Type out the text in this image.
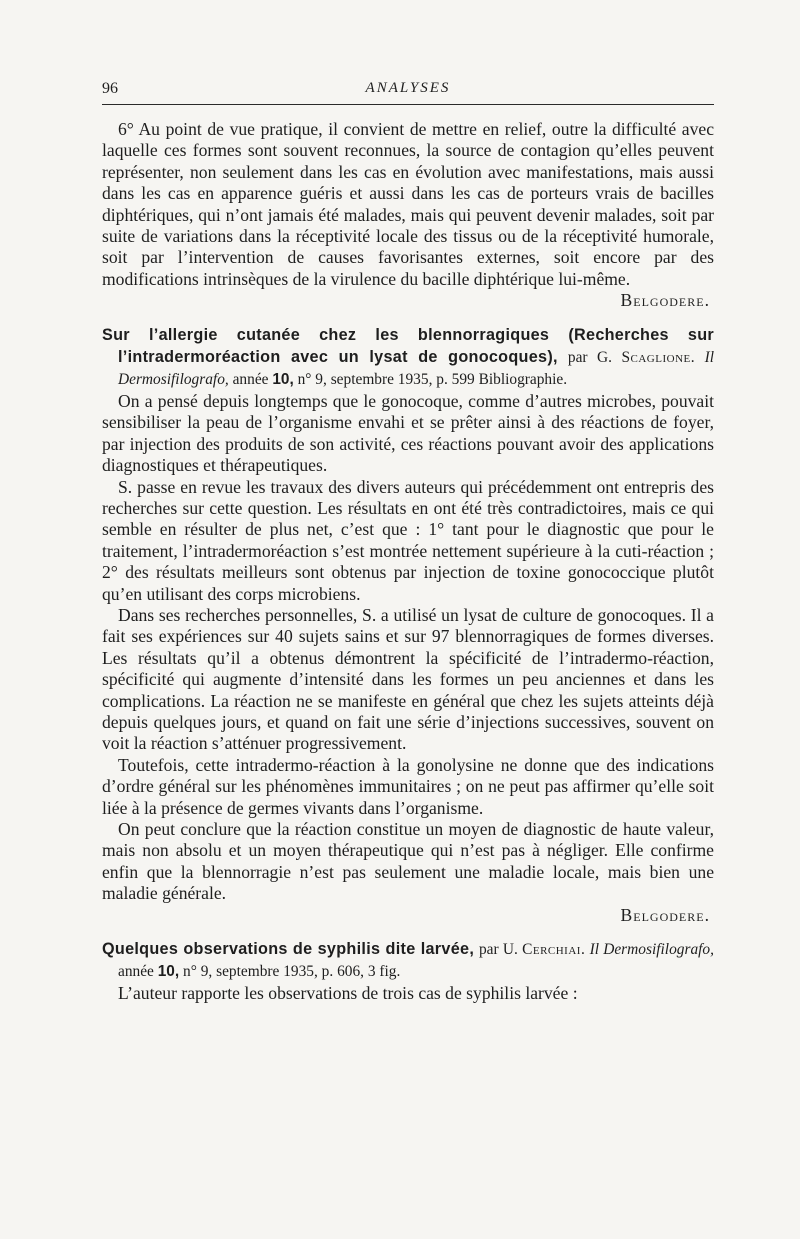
96	ANALYSES

6° Au point de vue pratique, il convient de mettre en relief, outre la difficulté avec laquelle ces formes sont souvent reconnues, la source de contagion qu’elles peuvent représenter, non seulement dans les cas en évolution avec manifestations, mais aussi dans les cas en apparence guéris et aussi dans les cas de porteurs vrais de bacilles diphtériques, qui n’ont jamais été malades, mais qui peuvent devenir malades, soit par suite de variations dans la réceptivité locale des tissus ou de la réceptivité humorale, soit par l’intervention de causes favorisantes externes, soit encore par des modifications intrinsèques de la virulence du bacille diphtérique lui-même.
Belgodere.

Sur l’allergie cutanée chez les blennorragiques (Recherches sur l’intradermoréaction avec un lysat de gonocoques), par G. Scaglione. Il Dermosifilografo, année 10, n° 9, septembre 1935, p. 599 Bibliographie.

On a pensé depuis longtemps que le gonocoque, comme d’autres microbes, pouvait sensibiliser la peau de l’organisme envahi et se prêter ainsi à des réactions de foyer, par injection des produits de son activité, ces réactions pouvant avoir des applications diagnostiques et thérapeutiques.

S. passe en revue les travaux des divers auteurs qui précédemment ont entrepris des recherches sur cette question. Les résultats en ont été très contradictoires, mais ce qui semble en résulter de plus net, c’est que : 1° tant pour le diagnostic que pour le traitement, l’intradermoréaction s’est montrée nettement supérieure à la cuti-réaction ; 2° des résultats meilleurs sont obtenus par injection de toxine gonococcique plutôt qu’en utilisant des corps microbiens.

Dans ses recherches personnelles, S. a utilisé un lysat de culture de gonocoques. Il a fait ses expériences sur 40 sujets sains et sur 97 blennorragiques de formes diverses. Les résultats qu’il a obtenus démontrent la spécificité de l’intradermo-réaction, spécificité qui augmente d’intensité dans les formes un peu anciennes et dans les complications. La réaction ne se manifeste en général que chez les sujets atteints déjà depuis quelques jours, et quand on fait une série d’injections successives, souvent on voit la réaction s’atténuer progressivement.

Toutefois, cette intradermo-réaction à la gonolysine ne donne que des indications d’ordre général sur les phénomènes immunitaires ; on ne peut pas affirmer qu’elle soit liée à la présence de germes vivants dans l’organisme.

On peut conclure que la réaction constitue un moyen de diagnostic de haute valeur, mais non absolu et un moyen thérapeutique qui n’est pas à négliger. Elle confirme enfin que la blennorragie n’est pas seulement une maladie locale, mais bien une maladie générale.

Belgodere.

Quelques observations de syphilis dite larvée, par U. Cerchiai. Il Dermosifilografo, année 10, n° 9, septembre 1935, p. 606, 3 fig.

L’auteur rapporte les observations de trois cas de syphilis larvée :
